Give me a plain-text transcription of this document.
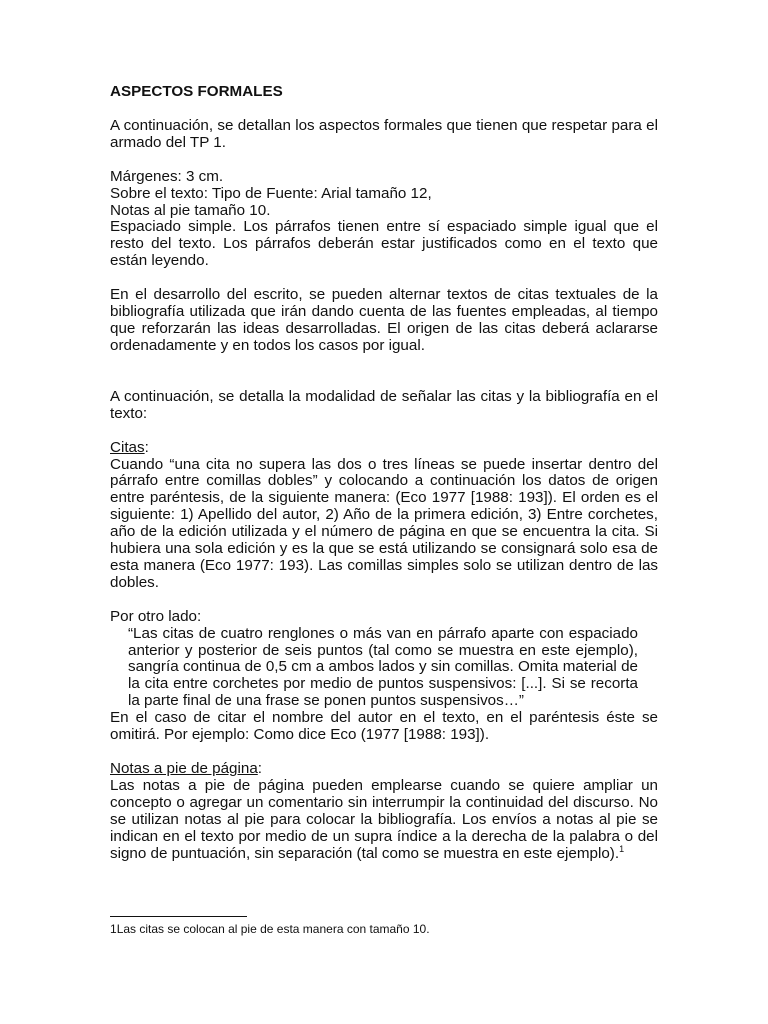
ASPECTOS FORMALES

A continuación, se detallan los aspectos formales que tienen que respetar para el armado del TP 1.

Márgenes: 3 cm.

Sobre el texto: Tipo de Fuente: Arial tamaño 12,

Notas al pie tamaño 10.

Espaciado simple. Los párrafos tienen entre sí espaciado simple igual que el resto del texto. Los párrafos deberán estar justificados como en el texto que están leyendo.

En el desarrollo del escrito, se pueden alternar textos de citas textuales de la bibliografía utilizada que irán dando cuenta de las fuentes empleadas, al tiempo que reforzarán las ideas desarrolladas. El origen de las citas deberá aclararse ordenadamente y en todos los casos por igual.

A continuación, se detalla la modalidad de señalar las citas y la bibliografía en el texto:

Citas:

Cuando “una cita no supera las dos o tres líneas se puede insertar dentro del párrafo entre comillas dobles” y colocando a continuación los datos de origen entre paréntesis, de la siguiente manera: (Eco 1977 [1988: 193]). El orden es el siguiente: 1) Apellido del autor, 2) Año de la primera edición, 3) Entre corchetes, año de la edición utilizada y el número de página en que se encuentra la cita. Si hubiera una sola edición y es la que se está utilizando se consignará solo esa de esta manera (Eco 1977: 193). Las comillas simples solo se utilizan dentro de las dobles.

Por otro lado:

“Las citas de cuatro renglones o más van en párrafo aparte con espaciado anterior y posterior de seis puntos (tal como se muestra en este ejemplo), sangría continua de 0,5 cm a ambos lados y sin comillas. Omita material de la cita entre corchetes por medio de puntos suspensivos: [...]. Si se recorta la parte final de una frase se ponen puntos suspensivos…”

En el caso de citar el nombre del autor en el texto, en el paréntesis éste se omitirá. Por ejemplo: Como dice Eco (1977 [1988: 193]).

Notas a pie de página:

Las notas a pie de página pueden emplearse cuando se quiere ampliar un concepto o agregar un comentario sin interrumpir la continuidad del discurso. No se utilizan notas al pie para colocar la bibliografía. Los envíos a notas al pie se indican en el texto por medio de un supra índice a la derecha de la palabra o del signo de puntuación, sin separación (tal como se muestra en este ejemplo).$^1$

1Las citas se colocan al pie de esta manera con tamaño 10.
